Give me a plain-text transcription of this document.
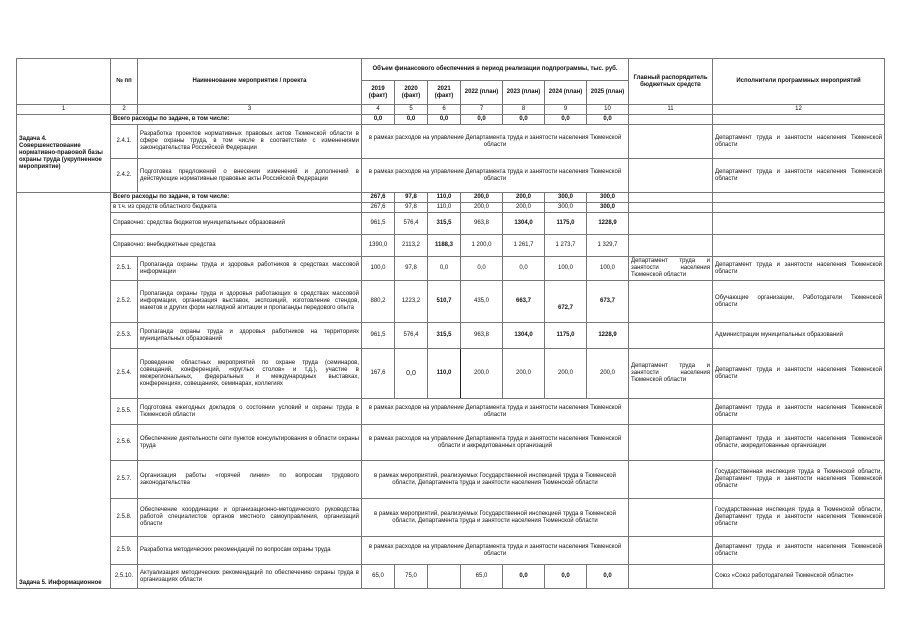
	№ пп	Наименование мероприятия / проекта	Объем финансового обеспечения в период реализации подпрограммы, тыс. руб.							Главный распорядитель бюджетных средств	Исполнители программных мероприятий
			2019 (факт)	2020 (факт)	2021 (факт)	2022 (план)	2023 (план)	2024 (план)	2025 (план)		
1	2	3	4	5	6	7	8	9	10	11	12
Задача 4. Совершенствование нормативно-правовой базы охраны труда (укрупненное мероприятие)	Всего расходы по задаче, в том числе:		0,0	0,0	0,0	0,0	0,0	0,0	0,0		
	2.4.1.	Разработка проектов нормативных правовых актов Тюменской области в сфере охраны труда, в том числе в соответствии с изменениями законодательства Российской Федерации	в рамках расходов на управление Департамента труда и занятости населения Тюменской области								Департамент труда и занятости населения Тюменской области
	2.4.2.	Подготовка предложений о внесении изменений и дополнений в действующие нормативные правовые акты Российской Федерации	в рамках расходов на управление Департамента труда и занятости населения Тюменской области								Департамент труда и занятости населения Тюменской области
Задача 5. Информационное	Всего расходы по задаче, в том числе:		267,6	97,8	110,0	200,0	200,0	300,0	300,0		
	в т.ч. из средств областного бюджета		267,6	97,8	110,0	200,0	200,0	300,0	300,0		
	Справочно: средства бюджетов муниципальных образований		961,5	576,4	315,5	963,8	1304,0	1175,0	1228,9		
	Справочно: внебюджетные средства		1390,0	2113,2	1188,3	1 200,0	1 261,7	1 273,7	1 329,7		
	2.5.1.	Пропаганда охраны труда и здоровья работников в средствах массовой информации	100,0	97,8	0,0	0,0	0,0	100,0	100,0	Департамент труда и занятости населения Тюменской области	Департамент труда и занятости населения Тюменской области
	2.5.2.	Пропаганда охраны труда и здоровья работающих в средствах массовой информации, организация выставок, экспозиций, изготовление стендов, макетов и других форм наглядной агитации и пропаганды передового опыта	880,2	1223,2	510,7	435,0	663,7	672,7	673,7		Обучающие организации, Работодатели Тюменской области
	2.5.3.	Пропаганда охраны труда и здоровья работников на территориях муниципальных образований	961,5	576,4	315,5	963,8	1304,0	1175,0	1228,9		Администрации муниципальных образований
	2.5.4.	Проведение областных мероприятий по охране труда (семинаров, совещаний, конференций, «круглых столов» и т.д.), участие в межрегиональных, федеральных и международных выставках, конференциях, совещаниях, семинарах, коллегиях	167,6	0,0	110,0	200,0	200,0	200,0	200,0	Департамент труда и занятости населения Тюменской области	Департамент труда и занятости населения Тюменской области
	2.5.5.	Подготовка ежегодных докладов о состоянии условий и охраны труда в Тюменской области	в рамках расходов на управление Департамента труда и занятости населения Тюменской области								Департамент труда и занятости населения Тюменской области
	2.5.6.	Обеспечение деятельности сети пунктов консультирования в области охраны труда	в рамках расходов на управление Департамента труда и занятости населения Тюменской области и аккредитованных организаций								Департамент труда и занятости населения Тюменской области, аккредитованные организации
	2.5.7.	Организация работы «горячей линии» по вопросам трудового законодательства	в рамках мероприятий, реализуемых Государственной инспекцией труда в Тюменской области, Департамента труда и занятости населения Тюменской области								Государственная инспекция труда в Тюменской области, Департамент труда и занятости населения Тюменской области
	2.5.8.	Обеспечение координации и организационно-методического руководства работой специалистов органов местного самоуправления, организаций области	в рамках мероприятий, реализуемых Государственной инспекцией труда в Тюменской области, Департамента труда и занятости населения Тюменской области								Государственная инспекция труда в Тюменской области, Департамент труда и занятости населения Тюменской области
	2.5.9.	Разработка методических рекомендаций по вопросам охраны труда	в рамках расходов на управление Департамента труда и занятости населения Тюменской области								Департамент труда и занятости населения Тюменской области
	2.5.10.	Актуализация методических рекомендаций по обеспечению охраны труда в организациях области	65,0	75,0		65,0	0,0	0,0	0,0		Союз «Союз работодателей Тюменской области»
